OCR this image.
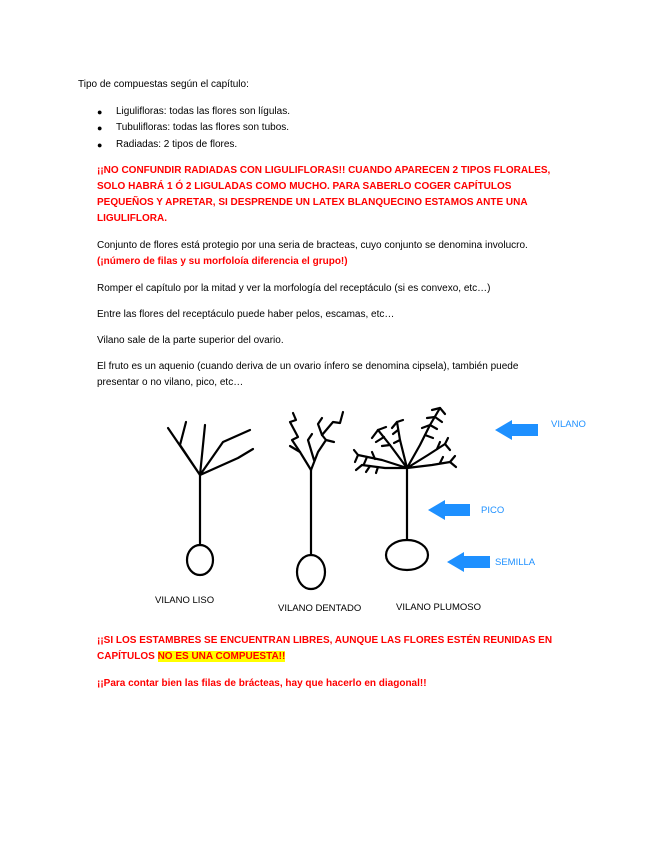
Tipo de compuestas según el capítulo:
● Liguliﬂoras: todas las ﬂores son lígulas.
● Tubuliﬂoras: todas las ﬂores son tubos.
● Radiadas: 2 tipos de ﬂores.
¡¡NO CONFUNDIR RADIADAS CON LIGULIFLORAS!! CUANDO APARECEN 2 TIPOS FLORALES,
SOLO HABRÁ 1 Ó 2 LIGULADAS COMO MUCHO. PARA SABERLO COGER CAPÍTULOS
PEQUEÑOS Y APRETAR, SI DESPRENDE UN LATEX BLANQUECINO ESTAMOS ANTE UNA
LIGULIFLORA.
Conjunto de ﬂores está protegio por una seria de bracteas, cuyo conjunto se denomina involucro.
(¡número de ﬁlas y su morfoloía diferencia el grupo!)
Romper el capítulo por la mitad y ver la morfología del receptáculo (si es convexo, etc…)
Entre las ﬂores del receptáculo puede haber pelos, escamas, etc…
Vilano sale de la parte superior del ovario.
El fruto es un aquenio (cuando deriva de un ovario ínfero se denomina cipsela), también puede
presentar o no vilano, pico, etc…
VILANO
PICO
SEMILLA
VILANO LISO
VILANO DENTADO	VILANO PLUMOSO
¡¡SI LOS ESTAMBRES SE ENCUENTRAN LIBRES, AUNQUE LAS FLORES ESTÉN REUNIDAS EN
CAPÍTULOS NO ES UNA COMPUESTA!!
¡¡Para contar bien las ﬁlas de brácteas, hay que hacerlo en diagonal!!
